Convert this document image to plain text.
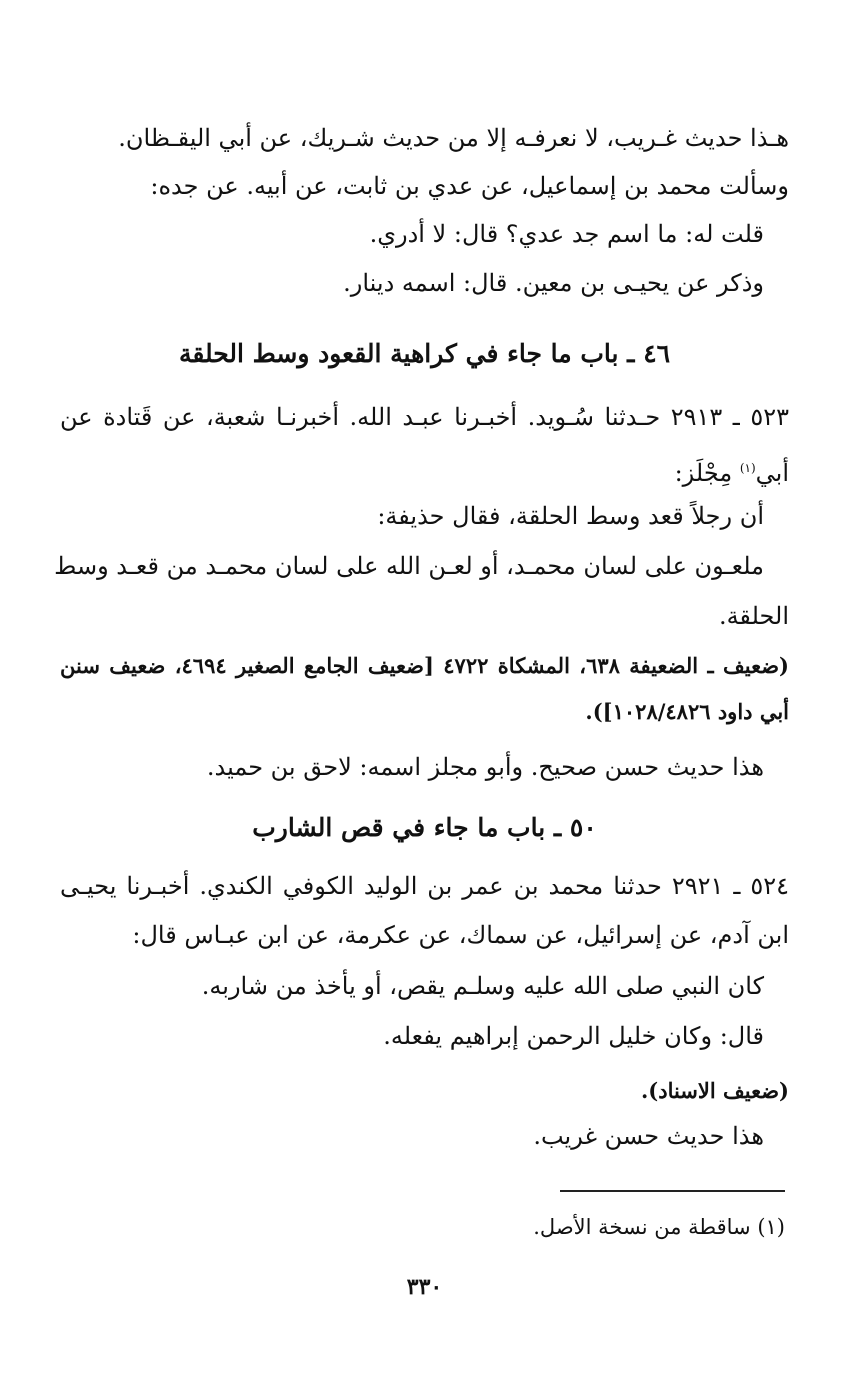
هـذا حديث غـريب، لا نعرفـه إلا من حديث شـريك، عن أبي اليقـظان.
وسألت محمد بن إسماعيل، عن عدي بن ثابت، عن أبيه. عن جده:
قلت له: ما اسم جد عدي؟ قال: لا أدري.
وذكر عن يحيـى بن معين. قال: اسمه دينار.
٤٦ ـ باب ما جاء في كراهية القعود وسط الحلقة
٥٢٣ ـ ٢٩١٣ حـدثنا سُـويد. أخبـرنا عبـد الله. أخبرنـا شعبة، عن قَتادة عن
أبي$^{(١)}$ مِجْلَز:
أن رجلاً قعد وسط الحلقة، فقال حذيفة:
ملعـون على لسان محمـد، أو لعـن الله على لسان محمـد من قعـد وسط
الحلقة.
(ضعيف ـ الضعيفة ٦٣٨، المشكاة ٤٧٢٢ [ضعيف الجامع الصغير ٤٦٩٤، ضعيف سنن
أبي داود ١٠٢٨/٤٨٢٦]).
هذا حديث حسن صحيح. وأبو مجلز اسمه: لاحق بن حميد.
٥٠ ـ باب ما جاء في قص الشارب
٥٢٤ ـ ٢٩٢١ حدثنا محمد بن عمر بن الوليد الكوفي الكندي. أخبـرنا يحيـى
ابن آدم، عن إسرائيل، عن سماك، عن عكرمة، عن ابن عبـاس قال:
كان النبي صلى الله عليه وسلـم يقص، أو يأخذ من شاربه.
قال: وكان خليل الرحمن إبراهيم يفعله.
(ضعيف الاسناد).
هذا حديث حسن غريب.
(١) ساقطة من نسخة الأصل.
٣٣٠
